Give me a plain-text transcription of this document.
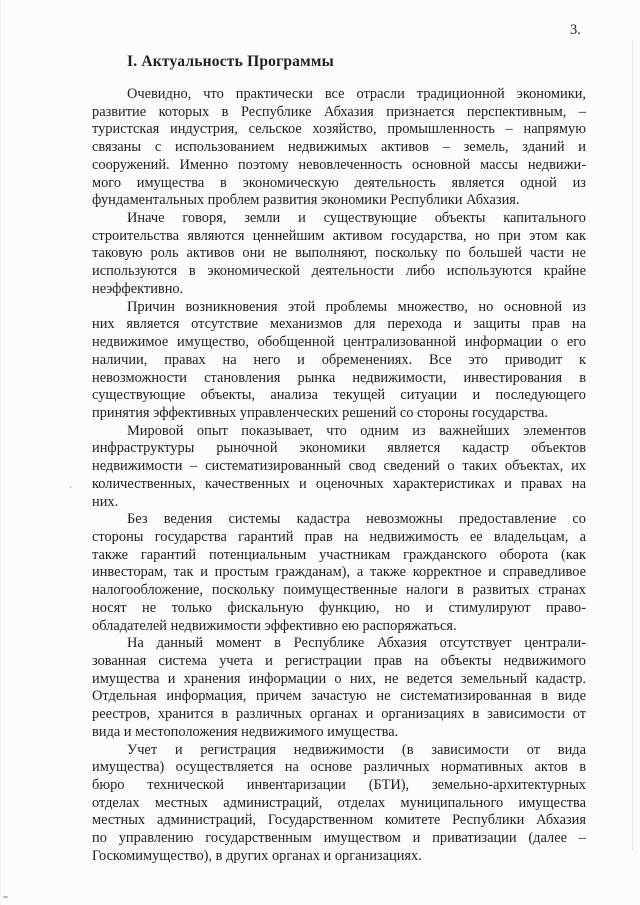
3.
I. Актуальность Программы
Очевидно, что практически все отрасли традиционной экономики,
развитие которых в Республике Абхазия признается перспективным, –
туристская индустрия, сельское хозяйство, промышленность – напрямую
связаны с использованием недвижимых активов – земель, зданий и
сооружений. Именно поэтому невовлеченность основной массы недвижи-
мого имущества в экономическую деятельность является одной из
фундаментальных проблем развития экономики Республики Абхазия.
Иначе говоря, земли и существующие объекты капитального
строительства являются ценнейшим активом государства, но при этом как
таковую роль активов они не выполняют, поскольку по большей части не
используются в экономической деятельности либо используются крайне
неэффективно.
Причин возникновения этой проблемы множество, но основной из
них является отсутствие механизмов для перехода и защиты прав на
недвижимое имущество, обобщенной централизованной информации о его
наличии, правах на него и обременениях. Все это приводит к
невозможности становления рынка недвижимости, инвестирования в
существующие объекты, анализа текущей ситуации и последующего
принятия эффективных управленческих решений со стороны государства.
Мировой опыт показывает, что одним из важнейших элементов
инфраструктуры рыночной экономики является кадастр объектов
недвижимости – систематизированный свод сведений о таких объектах, их
количественных, качественных и оценочных характеристиках и правах на
них.
Без ведения системы кадастра невозможны предоставление со
стороны государства гарантий прав на недвижимость ее владельцам, а
также гарантий потенциальным участникам гражданского оборота (как
инвесторам, так и простым гражданам), а также корректное и справедливое
налогообложение, поскольку поимущественные налоги в развитых странах
носят не только фискальную функцию, но и стимулируют право-
обладателей недвижимости эффективно ею распоряжаться.
На данный момент в Республике Абхазия отсутствует централи-
зованная система учета и регистрации прав на объекты недвижимого
имущества и хранения информации о них, не ведется земельный кадастр.
Отдельная информация, причем зачастую не систематизированная в виде
реестров, хранится в различных органах и организациях в зависимости от
вида и местоположения недвижимого имущества.
Учет и регистрация недвижимости (в зависимости от вида
имущества) осуществляется на основе различных нормативных актов в
бюро технической инвентаризации (БТИ), земельно-архитектурных
отделах местных администраций, отделах муниципального имущества
местных администраций, Государственном комитете Республики Абхазия
по управлению государственным имуществом и приватизации (далее –
Госкомимущество), в других органах и организациях.
